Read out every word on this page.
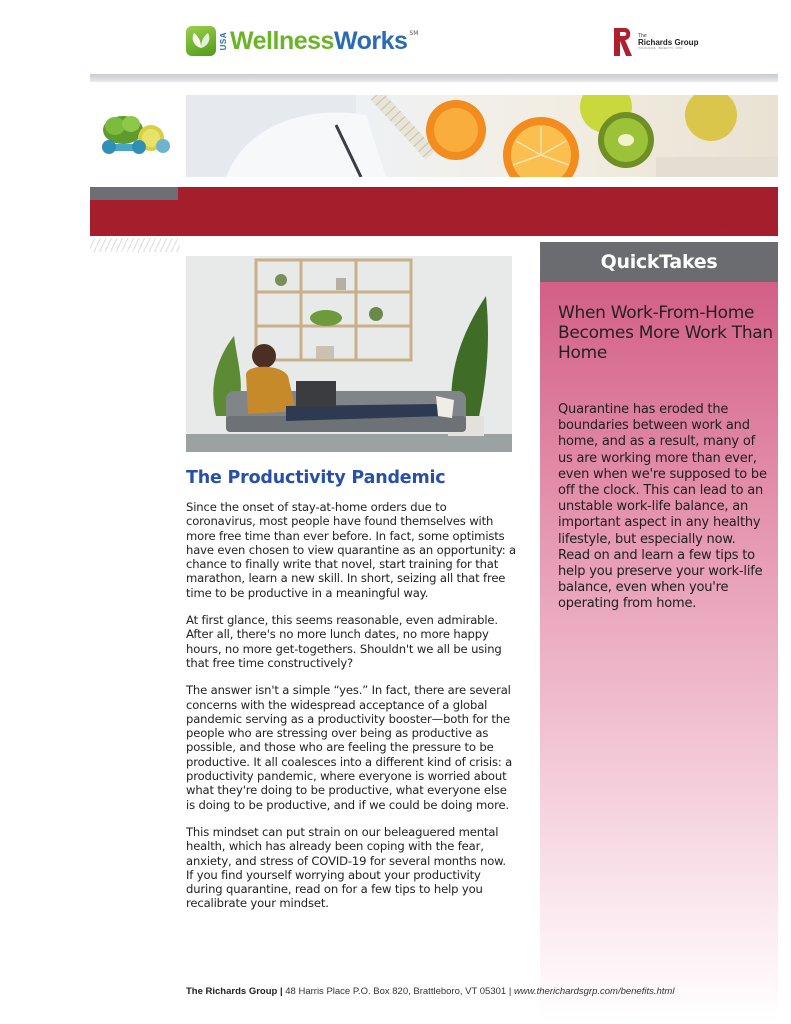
USA WellnessWorks SM	The
Richards Group
INSURANCE · BENEFITS · RISK
July 2020
The Productivity Pandemic

Since the onset of stay-at-home orders due to coronavirus, most people have found themselves with more free time than ever before. In fact, some optimists have even chosen to view quarantine as an opportunity: a chance to finally write that novel, start training for that marathon, learn a new skill. In short, seizing all that free time to be productive in a meaningful way.

At first glance, this seems reasonable, even admirable. After all, there's no more lunch dates, no more happy hours, no more get-togethers. Shouldn't we all be using that free time constructively?

The answer isn't a simple “yes.” In fact, there are several concerns with the widespread acceptance of a global pandemic serving as a productivity booster—both for the people who are stressing over being as productive as possible, and those who are feeling the pressure to be productive. It all coalesces into a different kind of crisis: a productivity pandemic, where everyone is worried about what they're doing to be productive, what everyone else is doing to be productive, and if we could be doing more.

This mindset can put strain on our beleaguered mental health, which has already been coping with the fear, anxiety, and stress of COVID-19 for several months now. If you find yourself worrying about your productivity during quarantine, read on for a few tips to help you recalibrate your mindset.

QuickTakes
When Work-From-Home Becomes More Work Than Home
Quarantine has eroded the boundaries between work and home, and as a result, many of us are working more than ever, even when we're supposed to be off the clock. This can lead to an unstable work-life balance, an important aspect in any healthy lifestyle, but especially now. Read on and learn a few tips to help you preserve your work-life balance, even when you're operating from home.
The Richards Group | 48 Harris Place P.O. Box 820, Brattleboro, VT 05301 | www.therichardsgrp.com/benefits.html
